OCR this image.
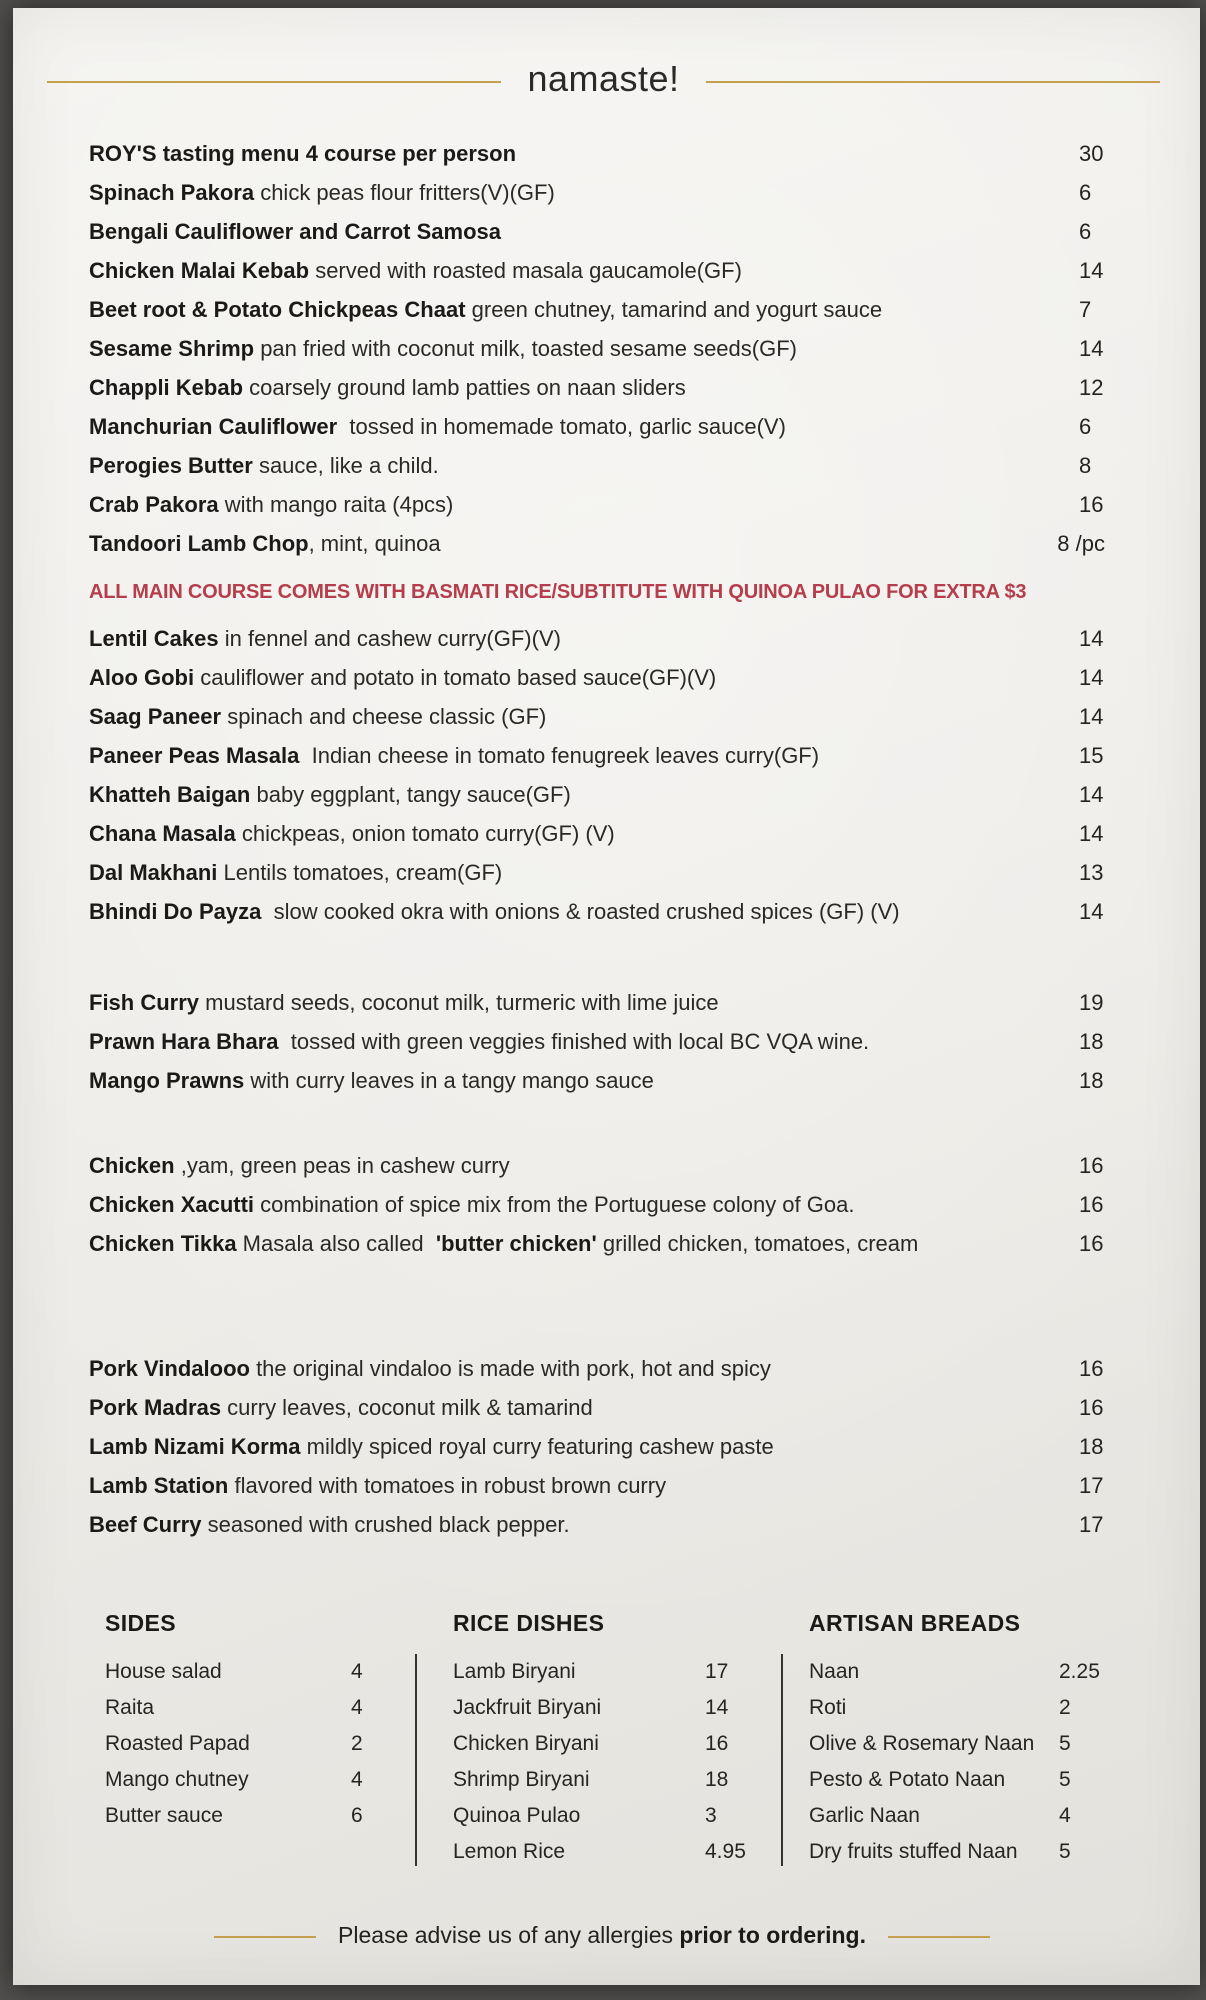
namaste!
ROY'S tasting menu 4 course per person	30
Spinach Pakora chick peas flour fritters(V)(GF)	6
Bengali Cauliflower and Carrot Samosa	6
Chicken Malai Kebab served with roasted masala gaucamole(GF)	14
Beet root & Potato Chickpeas Chaat green chutney, tamarind and yogurt sauce	7
Sesame Shrimp pan fried with coconut milk, toasted sesame seeds(GF)	14
Chappli Kebab coarsely ground lamb patties on naan sliders	12
Manchurian Cauliflower  tossed in homemade tomato, garlic sauce(V)	6
Perogies Butter sauce, like a child.	8
Crab Pakora with mango raita (4pcs)	16
Tandoori Lamb Chop, mint, quinoa	8 /pc
ALL MAIN COURSE COMES WITH BASMATI RICE/SUBTITUTE WITH QUINOA PULAO FOR EXTRA $3
Lentil Cakes in fennel and cashew curry(GF)(V)	14
Aloo Gobi cauliflower and potato in tomato based sauce(GF)(V)	14
Saag Paneer spinach and cheese classic (GF)	14
Paneer Peas Masala  Indian cheese in tomato fenugreek leaves curry(GF)	15
Khatteh Baigan baby eggplant, tangy sauce(GF)	14
Chana Masala chickpeas, onion tomato curry(GF) (V)	14
Dal Makhani Lentils tomatoes, cream(GF)	13
Bhindi Do Payza  slow cooked okra with onions & roasted crushed spices (GF) (V)	14
Fish Curry mustard seeds, coconut milk, turmeric with lime juice	19
Prawn Hara Bhara  tossed with green veggies finished with local BC VQA wine.	18
Mango Prawns with curry leaves in a tangy mango sauce	18
Chicken ,yam, green peas in cashew curry	16
Chicken Xacutti combination of spice mix from the Portuguese colony of Goa.	16
Chicken Tikka Masala also called  'butter chicken' grilled chicken, tomatoes, cream	16
Pork Vindalooo the original vindaloo is made with pork, hot and spicy	16
Pork Madras curry leaves, coconut milk & tamarind	16
Lamb Nizami Korma mildly spiced royal curry featuring cashew paste	18
Lamb Station flavored with tomatoes in robust brown curry	17
Beef Curry seasoned with crushed black pepper.	17
SIDES
House salad	4
Raita	4
Roasted Papad	2
Mango chutney	4
Butter sauce	6
RICE DISHES
Lamb Biryani	17
Jackfruit Biryani	14
Chicken Biryani	16
Shrimp Biryani	18
Quinoa Pulao	3
Lemon Rice	4.95
ARTISAN BREADS
Naan	2.25
Roti	2
Olive & Rosemary Naan	5
Pesto & Potato Naan	5
Garlic Naan	4
Dry fruits stuffed Naan	5
Please advise us of any allergies prior to ordering.
